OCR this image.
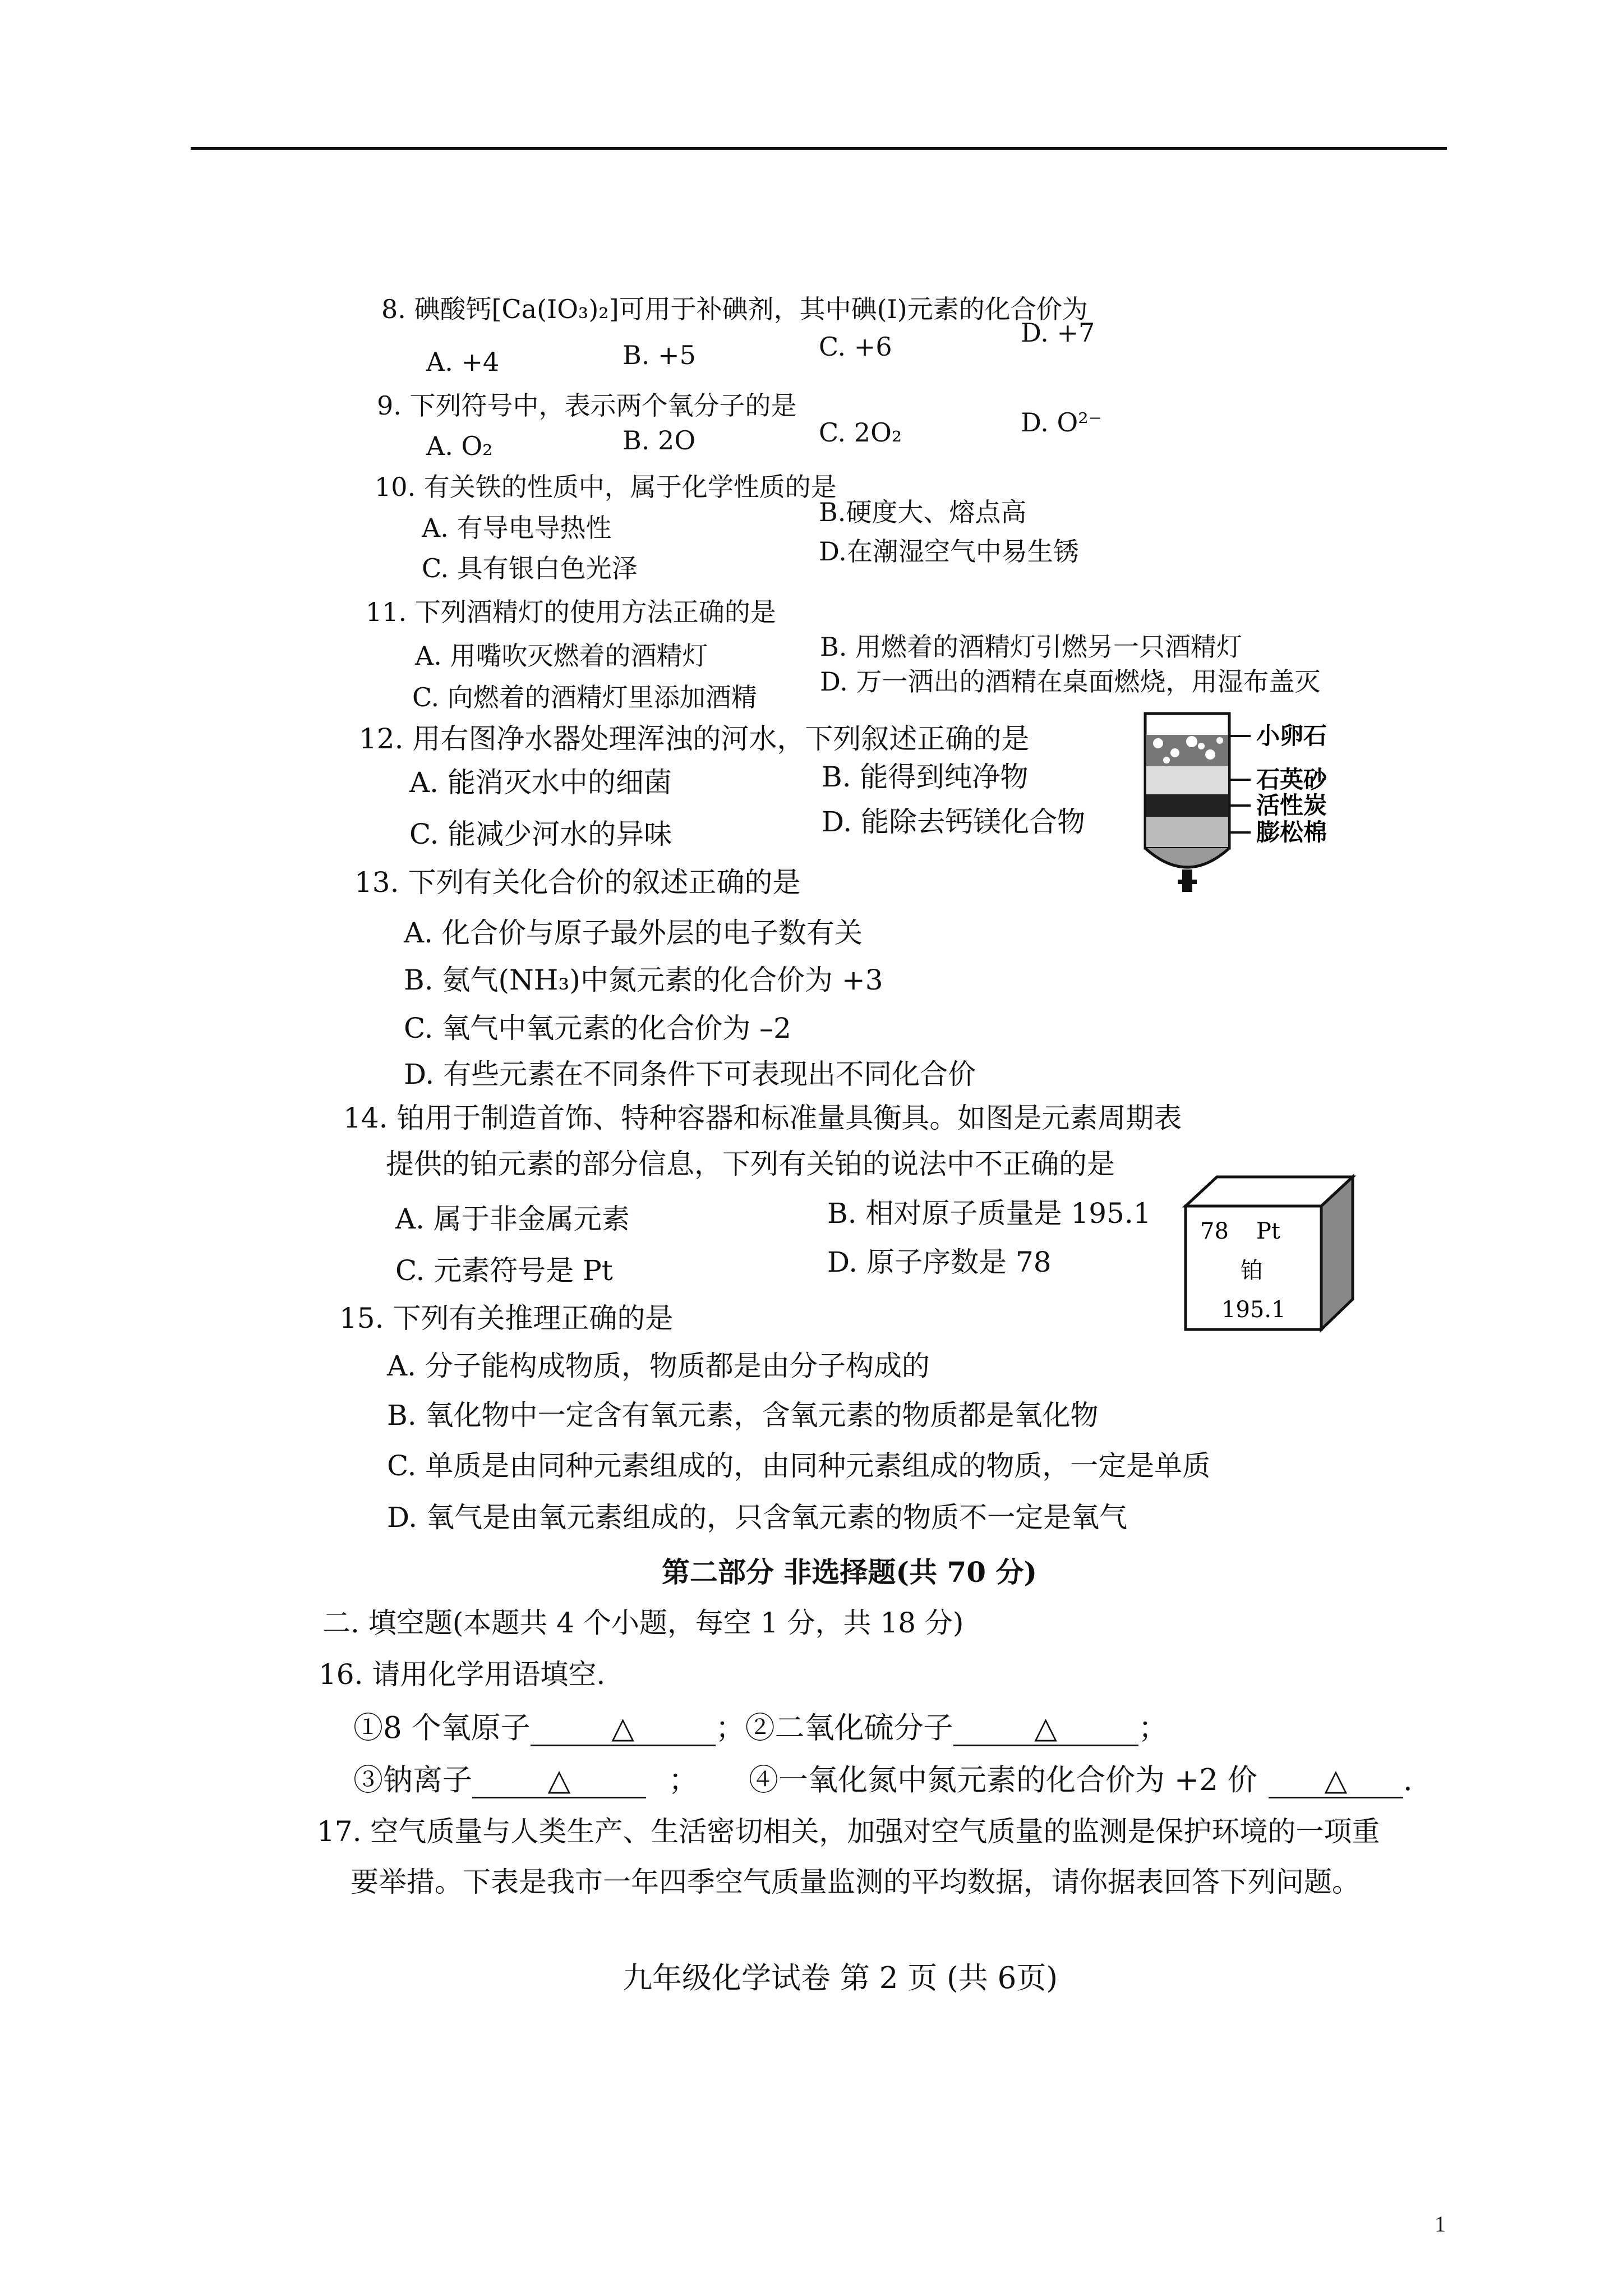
8. 碘酸钙[Ca(IO₃)₂]可用于补碘剂，其中碘(I)元素的化合价为
A. +4	B. +5	C. +6	D. +7
9. 下列符号中，表示两个氧分子的是
A. O₂	B. 2O	C. 2O₂	D. O²⁻
10. 有关铁的性质中，属于化学性质的是
A. 有导电导热性
B.硬度大、熔点高
C. 具有银白色光泽
D.在潮湿空气中易生锈
11. 下列酒精灯的使用方法正确的是
A. 用嘴吹灭燃着的酒精灯	B. 用燃着的酒精灯引燃另一只酒精灯
C. 向燃着的酒精灯里添加酒精
D. 万一洒出的酒精在桌面燃烧，用湿布盖灭
12. 用右图净水器处理浑浊的河水，下列叙述正确的是
A. 能消灭水中的细菌	B. 能得到纯净物
C. 能减少河水的异味	D. 能除去钙镁化合物
小卵石
石英砂
活性炭
膨松棉
13. 下列有关化合价的叙述正确的是
A. 化合价与原子最外层的电子数有关
B. 氨气(NH₃)中氮元素的化合价为 +3
C. 氧气中氧元素的化合价为 –2
D. 有些元素在不同条件下可表现出不同化合价
14. 铂用于制造首饰、特种容器和标准量具衡具。如图是元素周期表
提供的铂元素的部分信息，下列有关铂的说法中不正确的是
A. 属于非金属元素	B. 相对原子质量是 195.1
C. 元素符号是 Pt	D. 原子序数是 78
78 Pt
铂
195.1
15. 下列有关推理正确的是
A. 分子能构成物质，物质都是由分子构成的
B. 氧化物中一定含有氧元素，含氧元素的物质都是氧化物
C. 单质是由同种元素组成的，由同种元素组成的物质，一定是单质
D. 氧气是由氧元素组成的，只含氧元素的物质不一定是氧气
第二部分 非选择题(共 70 分)
二. 填空题(本题共 4 个小题，每空 1 分，共 18 分)
16. 请用化学用语填空.
①8 个氧原子	△	；②二氧化硫分子	△	；
③钠离子	△	； ④一氧化氮中氮元素的化合价为 +2 价 △ .
17. 空气质量与人类生产、生活密切相关，加强对空气质量的监测是保护环境的一项重
要举措。下表是我市一年四季空气质量监测的平均数据，请你据表回答下列问题。
九年级化学试卷 第 2 页 (共 6页)
1
